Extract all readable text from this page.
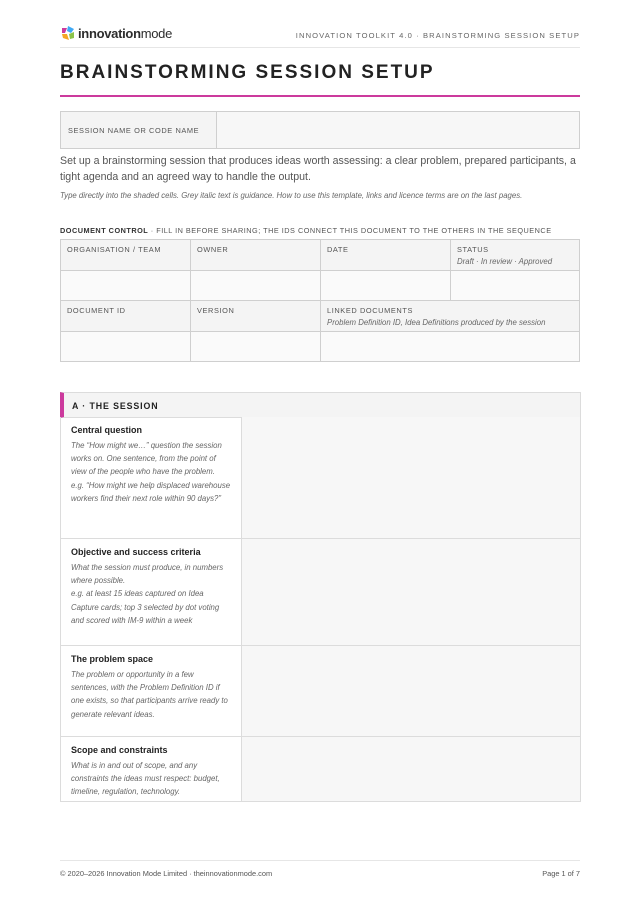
innovationmode	INNOVATION TOOLKIT 4.0 · BRAINSTORMING SESSION SETUP
BRAINSTORMING SESSION SETUP
SESSION NAME OR CODE NAME
Set up a brainstorming session that produces ideas worth assessing: a clear problem, prepared participants, a tight agenda and an agreed way to handle the output.
Type directly into the shaded cells. Grey italic text is guidance. How to use this template, links and licence terms are on the last pages.
DOCUMENT CONTROL · FILL IN BEFORE SHARING; THE IDS CONNECT THIS DOCUMENT TO THE OTHERS IN THE SEQUENCE
ORGANISATION / TEAM	OWNER	DATE	STATUS
Draft · In review · Approved

DOCUMENT ID	VERSION	LINKED DOCUMENTS
Problem Definition ID, Idea Definitions produced by the session	

A · THE SESSION
Central question
The “How might we…” question the session works on. One sentence, from the point of view of the people who have the problem.
e.g. “How might we help displaced warehouse workers find their next role within 90 days?”
Objective and success criteria
What the session must produce, in numbers where possible.
e.g. at least 15 ideas captured on Idea Capture cards; top 3 selected by dot voting and scored with IM-9 within a week
The problem space
The problem or opportunity in a few sentences, with the Problem Definition ID if one exists, so that participants arrive ready to generate relevant ideas.
Scope and constraints
What is in and out of scope, and any constraints the ideas must respect: budget, timeline, regulation, technology.
© 2020–2026 Innovation Mode Limited · theinnovationmode.com	Page 1 of 7
